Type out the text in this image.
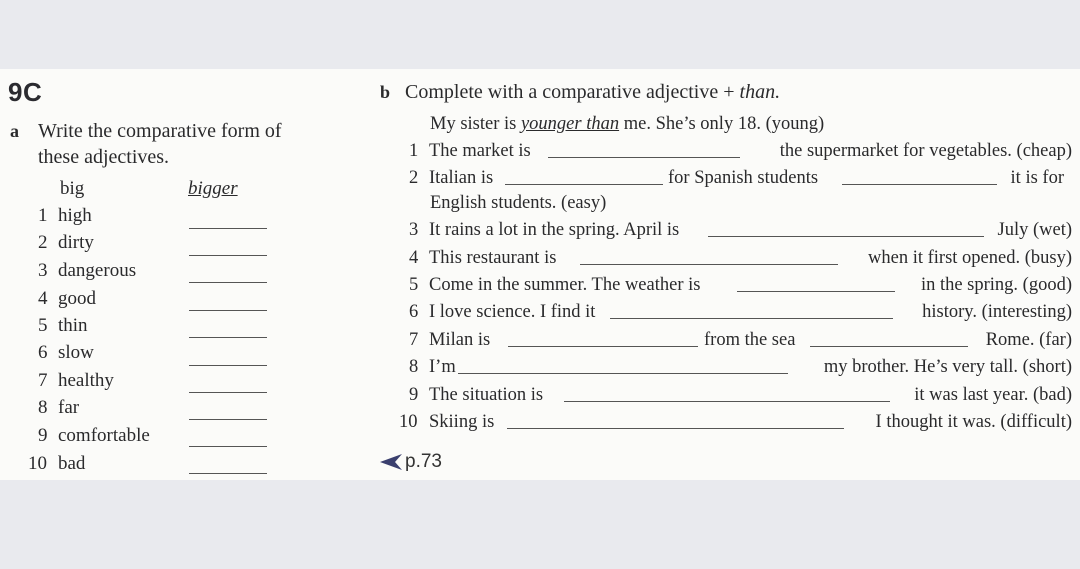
9C
a Write the comparative form of
these adjectives.
big	bigger
1 high
2 dirty
3 dangerous
4 good
5 thin
6 slow
7 healthy
8 far
9 comfortable
10 bad
b Complete with a comparative adjective + than.
My sister is younger than me. She’s only 18. (young)
1 The market is	the supermarket for vegetables. (cheap)
2 Italian is	for Spanish students	it is for
English students. (easy)
3 It rains a lot in the spring. April is	July (wet)
4 This restaurant is	when it first opened. (busy)
5 Come in the summer. The weather is	in the spring. (good)
6 I love science. I find it	history. (interesting)
7 Milan is	from the sea	Rome. (far)
8 I’m	my brother. He’s very tall. (short)
9 The situation is	it was last year. (bad)
10 Skiing is	I thought it was. (difficult)
p.73
